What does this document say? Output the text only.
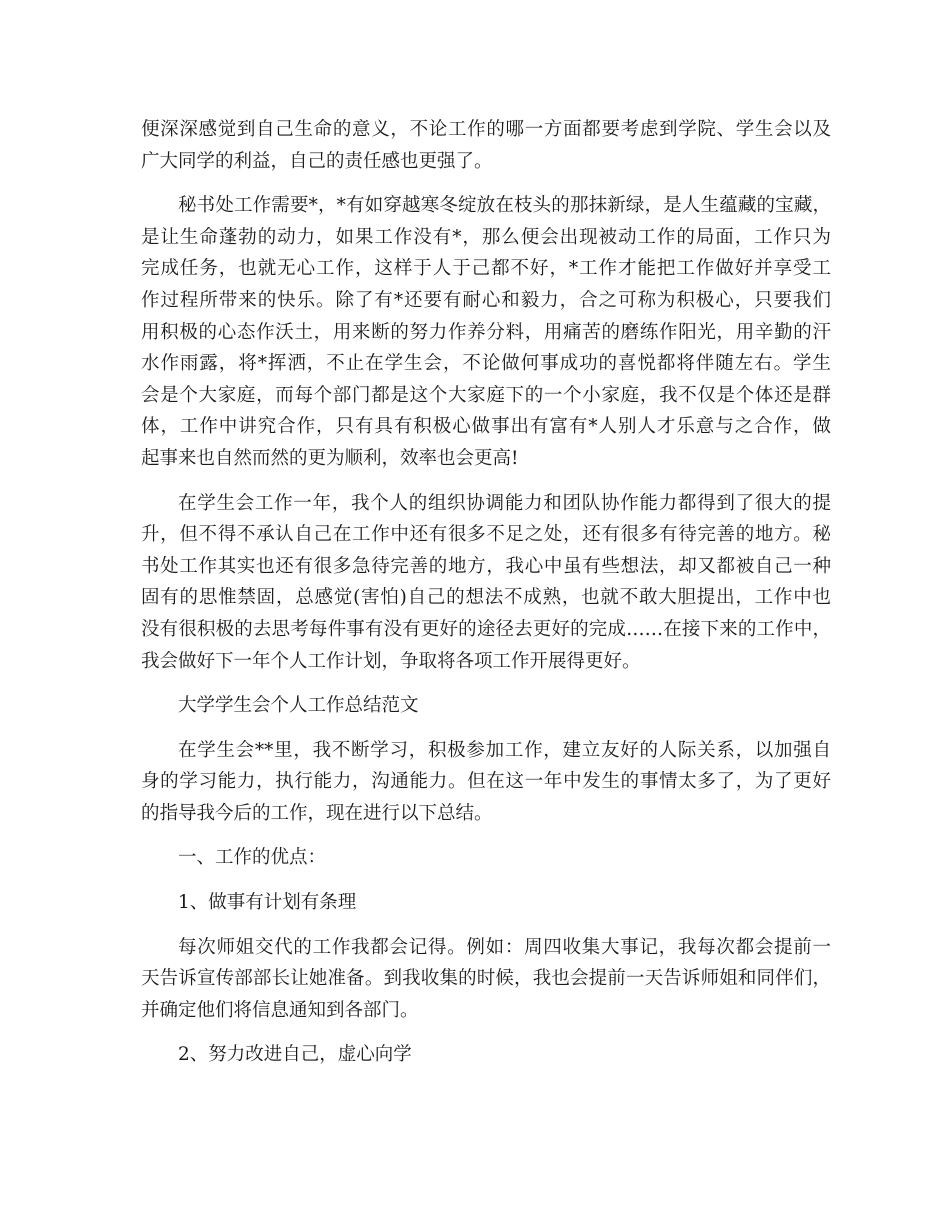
便深深感觉到自己生命的意义，不论工作的哪一方面都要考虑到学院、学生会以及
广大同学的利益，自己的责任感也更强了。
秘书处工作需要*，*有如穿越寒冬绽放在枝头的那抹新绿，是人生蕴藏的宝藏，
是让生命蓬勃的动力，如果工作没有*，那么便会出现被动工作的局面，工作只为
完成任务，也就无心工作，这样于人于己都不好，*工作才能把工作做好并享受工
作过程所带来的快乐。除了有*还要有耐心和毅力，合之可称为积极心，只要我们
用积极的心态作沃土，用来断的努力作养分料，用痛苦的磨练作阳光，用辛勤的汗
水作雨露，将*挥洒，不止在学生会，不论做何事成功的喜悦都将伴随左右。学生
会是个大家庭，而每个部门都是这个大家庭下的一个小家庭，我不仅是个体还是群
体，工作中讲究合作，只有具有积极心做事出有富有*人别人才乐意与之合作，做
起事来也自然而然的更为顺利，效率也会更高!
在学生会工作一年，我个人的组织协调能力和团队协作能力都得到了很大的提
升，但不得不承认自己在工作中还有很多不足之处，还有很多有待完善的地方。秘
书处工作其实也还有很多急待完善的地方，我心中虽有些想法，却又都被自己一种
固有的思惟禁固，总感觉(害怕)自己的想法不成熟，也就不敢大胆提出，工作中也
没有很积极的去思考每件事有没有更好的途径去更好的完成……在接下来的工作中，
我会做好下一年个人工作计划，争取将各项工作开展得更好。
大学学生会个人工作总结范文
在学生会**里，我不断学习，积极参加工作，建立友好的人际关系，以加强自
身的学习能力，执行能力，沟通能力。但在这一年中发生的事情太多了，为了更好
的指导我今后的工作，现在进行以下总结。
一、工作的优点：
1、做事有计划有条理
每次师姐交代的工作我都会记得。例如：周四收集大事记，我每次都会提前一
天告诉宣传部部长让她准备。到我收集的时候，我也会提前一天告诉师姐和同伴们，
并确定他们将信息通知到各部门。
2、努力改进自己，虚心向学
